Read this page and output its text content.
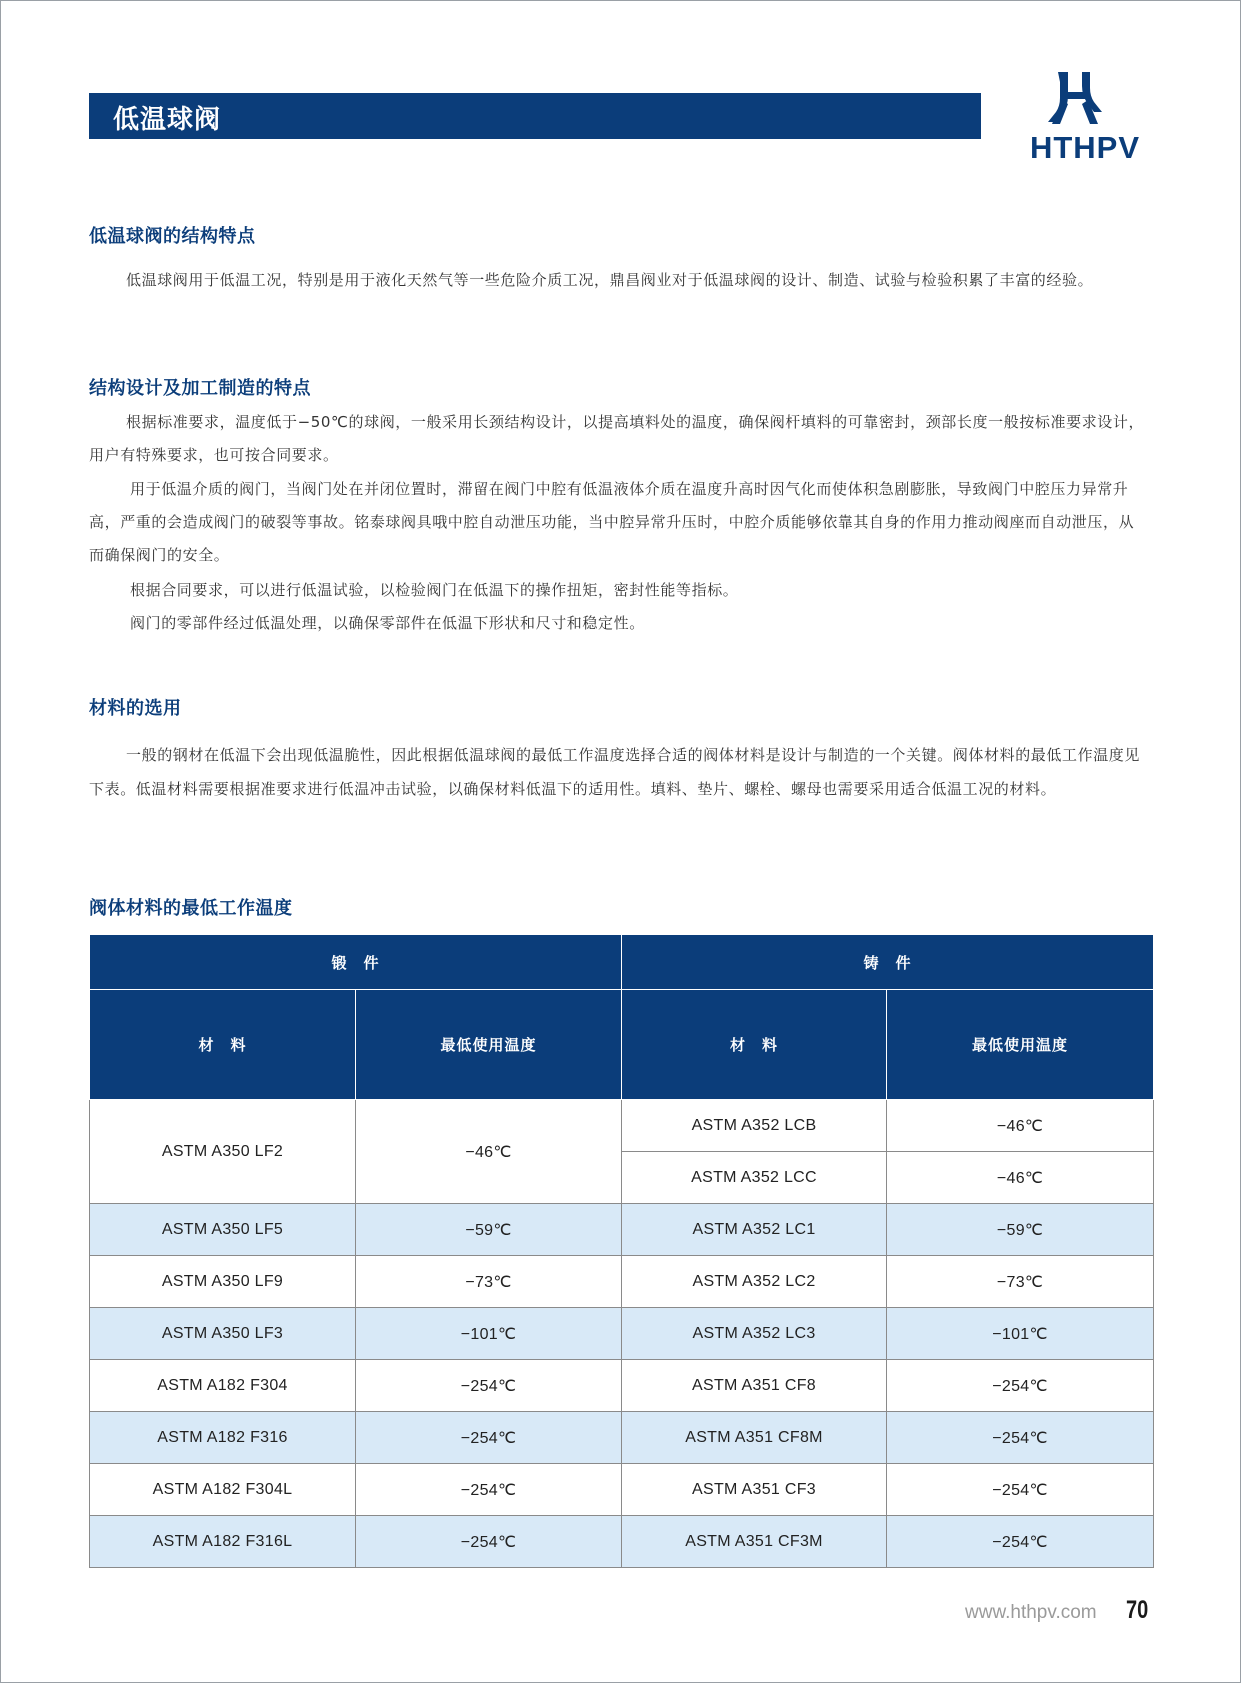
低温球阀
HTHPV
低温球阀的结构特点

低温球阀用于低温工况，特别是用于液化天然气等一些危险介质工况，鼎昌阀业对于低温球阀的设计、制造、试验与检验积累了丰富的经验。

结构设计及加工制造的特点

根据标准要求，温度低于−50℃的球阀，一般采用长颈结构设计，以提高填料处的温度，确保阀杆填料的可靠密封，颈部长度一般按标准要求设计，用户有特殊要求，也可按合同要求。

用于低温介质的阀门，当阀门处在并闭位置时，滞留在阀门中腔有低温液体介质在温度升高时因气化而使体积急剧膨胀，导致阀门中腔压力异常升高，严重的会造成阀门的破裂等事故。铭泰球阀具哦中腔自动泄压功能，当中腔异常升压时，中腔介质能够依靠其自身的作用力推动阀座而自动泄压，从而确保阀门的安全。

根据合同要求，可以进行低温试验，以检验阀门在低温下的操作扭矩，密封性能等指标。

阀门的零部件经过低温处理，以确保零部件在低温下形状和尺寸和稳定性。

材料的选用

一般的钢材在低温下会出现低温脆性，因此根据低温球阀的最低工作温度选择合适的阀体材料是设计与制造的一个关键。阀体材料的最低工作温度见下表。低温材料需要根据准要求进行低温冲击试验，以确保材料低温下的适用性。填料、垫片、螺栓、螺母也需要采用适合低温工况的材料。

阀体材料的最低工作温度
锻　件		铸　件	
材　料	最低使用温度	材　料	最低使用温度
ASTM A350 LF2	−46℃	ASTM A352 LCB	−46℃
		ASTM A352 LCC	−46℃
ASTM A350 LF5	−59℃	ASTM A352 LC1	−59℃
ASTM A350 LF9	−73℃	ASTM A352 LC2	−73℃
ASTM A350 LF3	−101℃	ASTM A352 LC3	−101℃
ASTM A182 F304	−254℃	ASTM A351 CF8	−254℃
ASTM A182 F316	−254℃	ASTM A351 CF8M	−254℃
ASTM A182 F304L	−254℃	ASTM A351 CF3	−254℃
ASTM A182 F316L	−254℃	ASTM A351 CF3M	−254℃
www.hthpv.com 70
